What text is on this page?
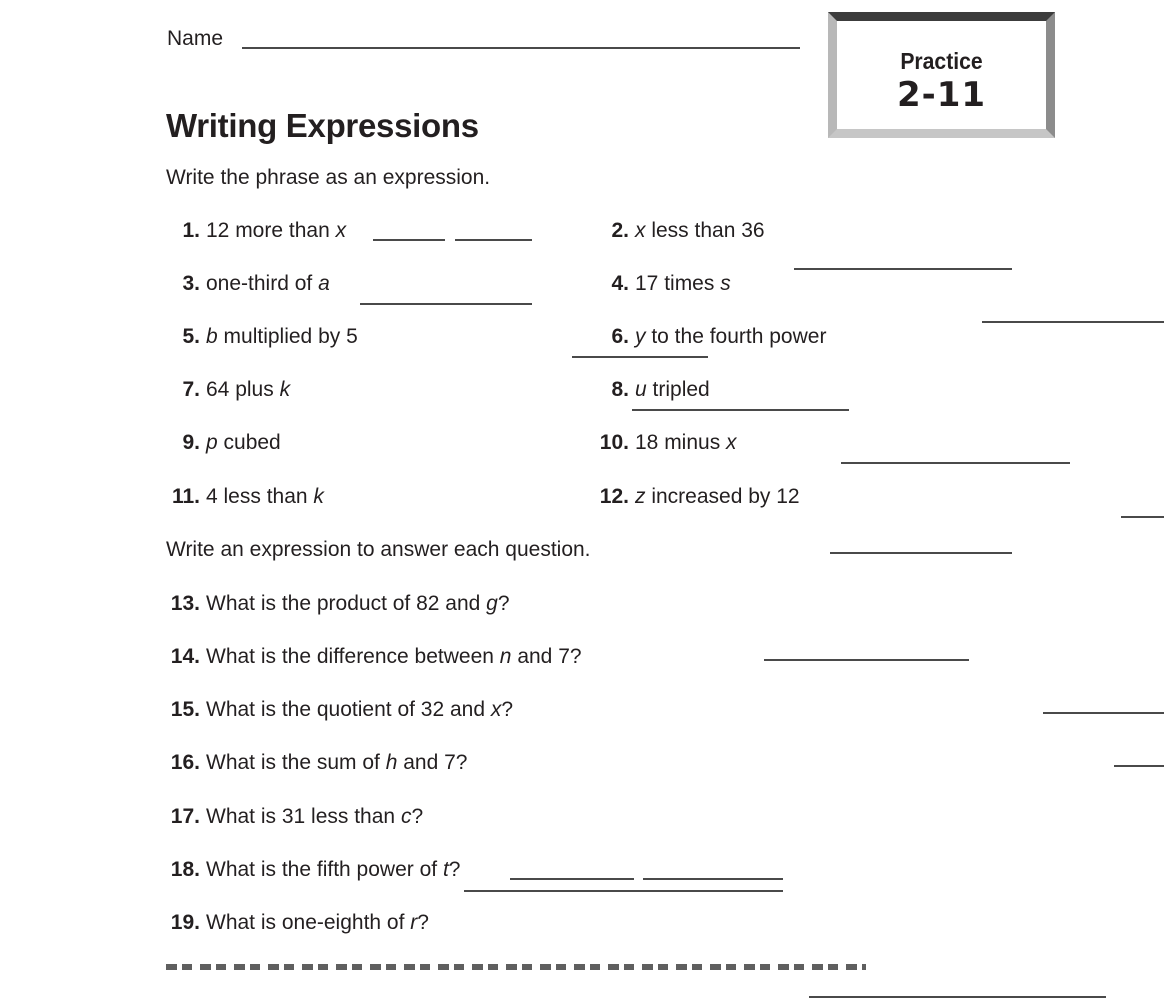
Name
Practice
2-11
Writing Expressions
Write the phrase as an expression.
1. 12 more than x
3. one-third of a

5. b multiplied by 5

7. 64 plus k

9. p cubed

11. 4 less than k

2. x less than 36

4. 17 times s

6. y to the fourth power

8. u tripled

10. 18 minus x

12. z increased by 12

Write an expression to answer each question.
13. What is the product of 82 and g?

14. What is the difference between n and 7?

15. What is the quotient of 32 and x?

16. What is the sum of h and 7?

17. What is 31 less than c?

18. What is the fifth power of t?
19. What is one-eighth of r?
